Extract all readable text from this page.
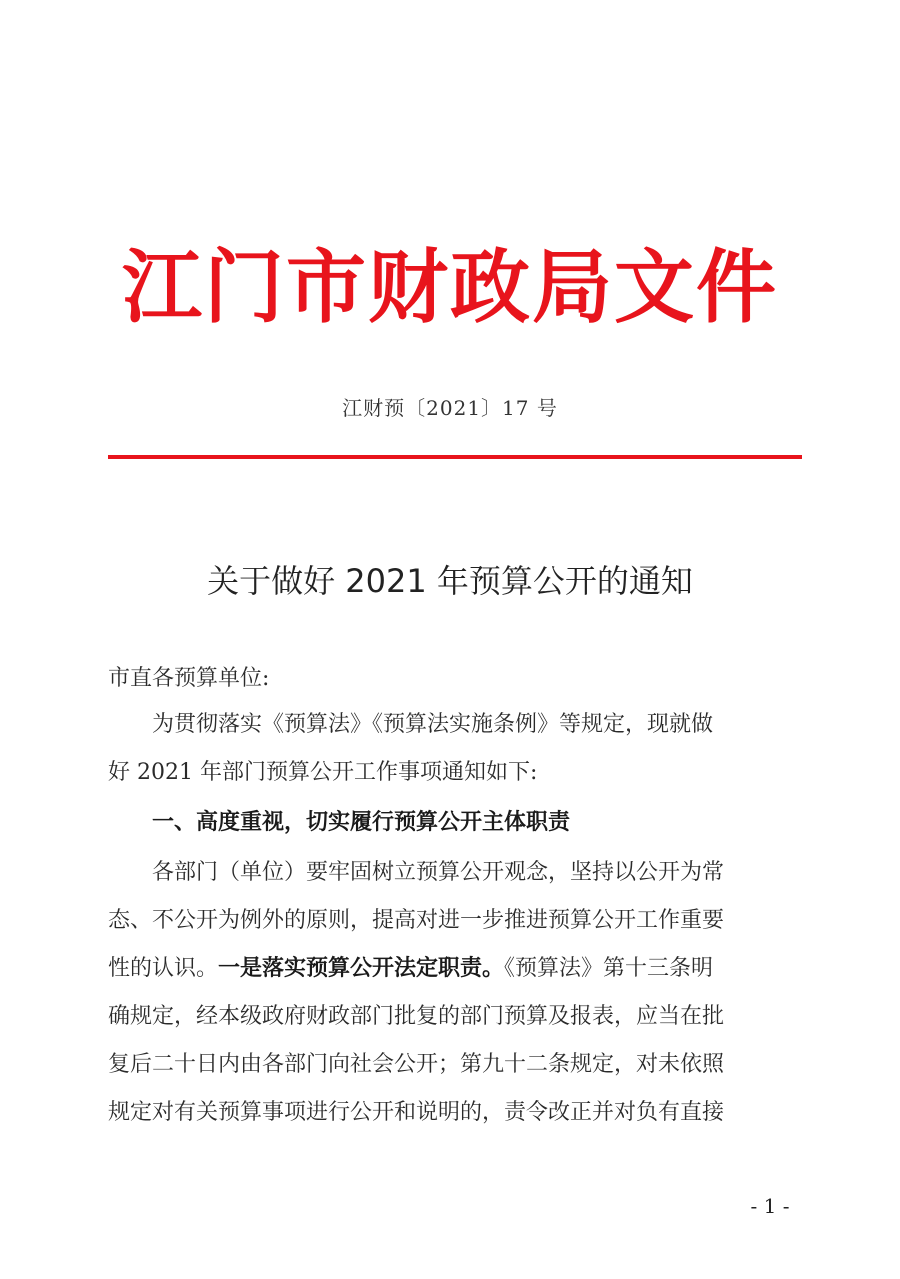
江门市财政局文件
江财预〔2021〕17 号
关于做好 2021 年预算公开的通知
市直各预算单位:
为贯彻落实《预算法》《预算法实施条例》等规定，现就做
好 2021 年部门预算公开工作事项通知如下:
一、高度重视，切实履行预算公开主体职责
各部门（单位）要牢固树立预算公开观念，坚持以公开为常
态、不公开为例外的原则，提高对进一步推进预算公开工作重要
性的认识。一是落实预算公开法定职责。《预算法》第十三条明
确规定，经本级政府财政部门批复的部门预算及报表，应当在批
复后二十日内由各部门向社会公开；第九十二条规定，对未依照
规定对有关预算事项进行公开和说明的，责令改正并对负有直接
- 1 -
